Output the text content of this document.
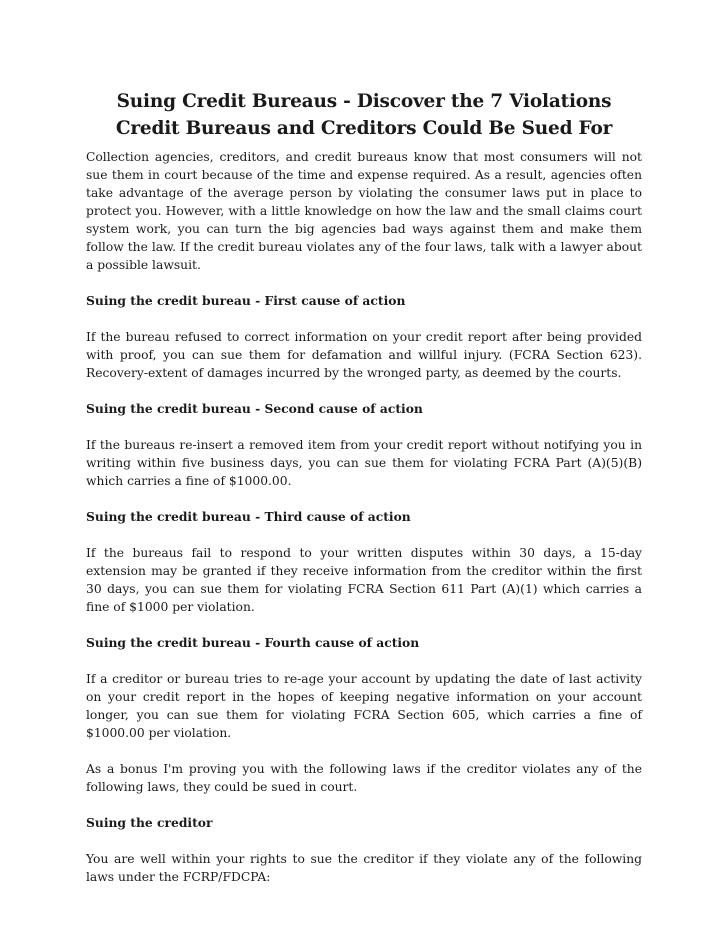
Suing Credit Bureaus - Discover the 7 Violations Credit Bureaus and Creditors Could Be Sued For

Collection agencies, creditors, and credit bureaus know that most consumers will not sue them in court because of the time and expense required. As a result, agencies often take advantage of the average person by violating the consumer laws put in place to protect you. However, with a little knowledge on how the law and the small claims court system work, you can turn the big agencies bad ways against them and make them follow the law. If the credit bureau violates any of the four laws, talk with a lawyer about a possible lawsuit.

Suing the credit bureau - First cause of action

If the bureau refused to correct information on your credit report after being provided with proof, you can sue them for defamation and willful injury. (FCRA Section 623). Recovery-extent of damages incurred by the wronged party, as deemed by the courts.

Suing the credit bureau - Second cause of action

If the bureaus re-insert a removed item from your credit report without notifying you in writing within five business days, you can sue them for violating FCRA Part (A)(5)(B) which carries a fine of $1000.00.

Suing the credit bureau - Third cause of action

If the bureaus fail to respond to your written disputes within 30 days, a 15-day extension may be granted if they receive information from the creditor within the first 30 days, you can sue them for violating FCRA Section 611 Part (A)(1) which carries a fine of $1000 per violation.

Suing the credit bureau - Fourth cause of action

If a creditor or bureau tries to re-age your account by updating the date of last activity on your credit report in the hopes of keeping negative information on your account longer, you can sue them for violating FCRA Section 605, which carries a fine of $1000.00 per violation.

As a bonus I'm proving you with the following laws if the creditor violates any of the following laws, they could be sued in court.

Suing the creditor

You are well within your rights to sue the creditor if they violate any of the following laws under the FCRP/FDCPA:
